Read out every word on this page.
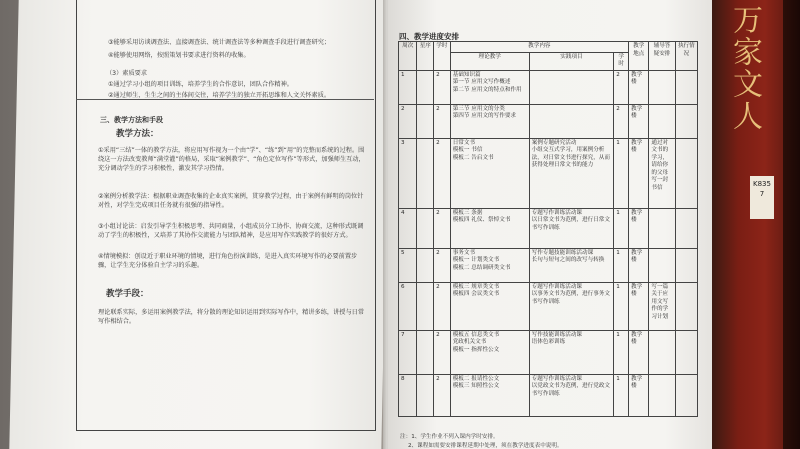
③能够采用访谈调查法、直接调查法、统计调查法等多种调查手段进行调查研究；
④能够使用网络，按照策划书要求进行资料的收集。
（3）素质要求
①通过学习小组的项目训练，培养学生的合作意识，团队合作精神。
②通过师生，生生之间的主体间交往，培养学生的独立开拓思维和人文关怀素质。
三、教学方法和手段
教学方法：
①采用“三结”一体的教学方法，将应用写作视为一个由“学”、“练”到“用”的完整而系统的过程。围绕这一方法改变教师“满堂灌”的格局，采取“案例教学”、“角色定位写作”等形式，加强师生互动，充分调动学生的学习积极性，激发其学习热情。
②案例分析教学法：根据职业调查收集的企业真实案例，贯穿教学过程，由于案例有鲜明的岗位针对性，对学生完成项目任务就有很强的指导性。
③小组讨论法：启发引导学生积极思考、共同商量，小组成员分工协作、协商交流，这种形式既调动了学生的积极性，又培养了其协作交流能力与团队精神，是应用写作实践教学的很好方式。
④情境模拟：创设近于职业环境的情境，进行角色扮演训练，是进入真实环境写作的必要前置步骤，让学生充分体验自主学习的乐趣。
教学手段：
理论联系实际，多运用案例教学法，将分散的理论知识运用到实际写作中，精讲多练，讲授与日常写作相结合。
四、教学进度安排
周次	星序	学时	教学内容			教学地点	辅导答疑安排	执行情况
			理论教学	实践项目	学时			
1		2	基础知识篇
第一节 应用文写作概述
第二节 应用文的特点和作用		2	教学楼		
2		2	第三节 应用文的分类
第四节 应用文的写作要求		2	教学楼		
3		2	日常文书
模板一 书信
模板二 告启文书	案例专题研究活动
小组交互式学习，用案例分析法，对日常文书进行探究，从而获得处理日常文书的能力	1	教学楼	通过对文书的学习，请给你的父母写一封书信	
4		2	模板三 条据
模板四 礼仪、祭悼文书	专题写作训练活动课
以日常文书为范例，进行日常文书写作训练	1	教学楼		
5		2	事务文书
模板一 计划类文书
模板二 总结调研类文书	写作专题技能训练活动课
长句与短句之间的改写与转换	1	教学楼		
6		2	模板三 规章类文书
模板四 会议类文书	专题写作训练活动课
以事务文书为范例，进行事务文书写作训练	1	教学楼	写一篇关于应用文写作的学习计划	
7		2	模板五 信息类文书
党政机关文书
模板一 指挥性公文	写作技能训练活动课
语体色彩训练	1	教学楼		
8		2	模板二 报请性公文
模板三 知照性公文	专题写作训练活动课
以党政文书为范例，进行党政文书写作训练	1	教学楼		
注：1、学生作业不列入课内学时安排。
2、课程如需要安排课程延期中处理，须在教学进度表中说明。
万家文人
K835
7
